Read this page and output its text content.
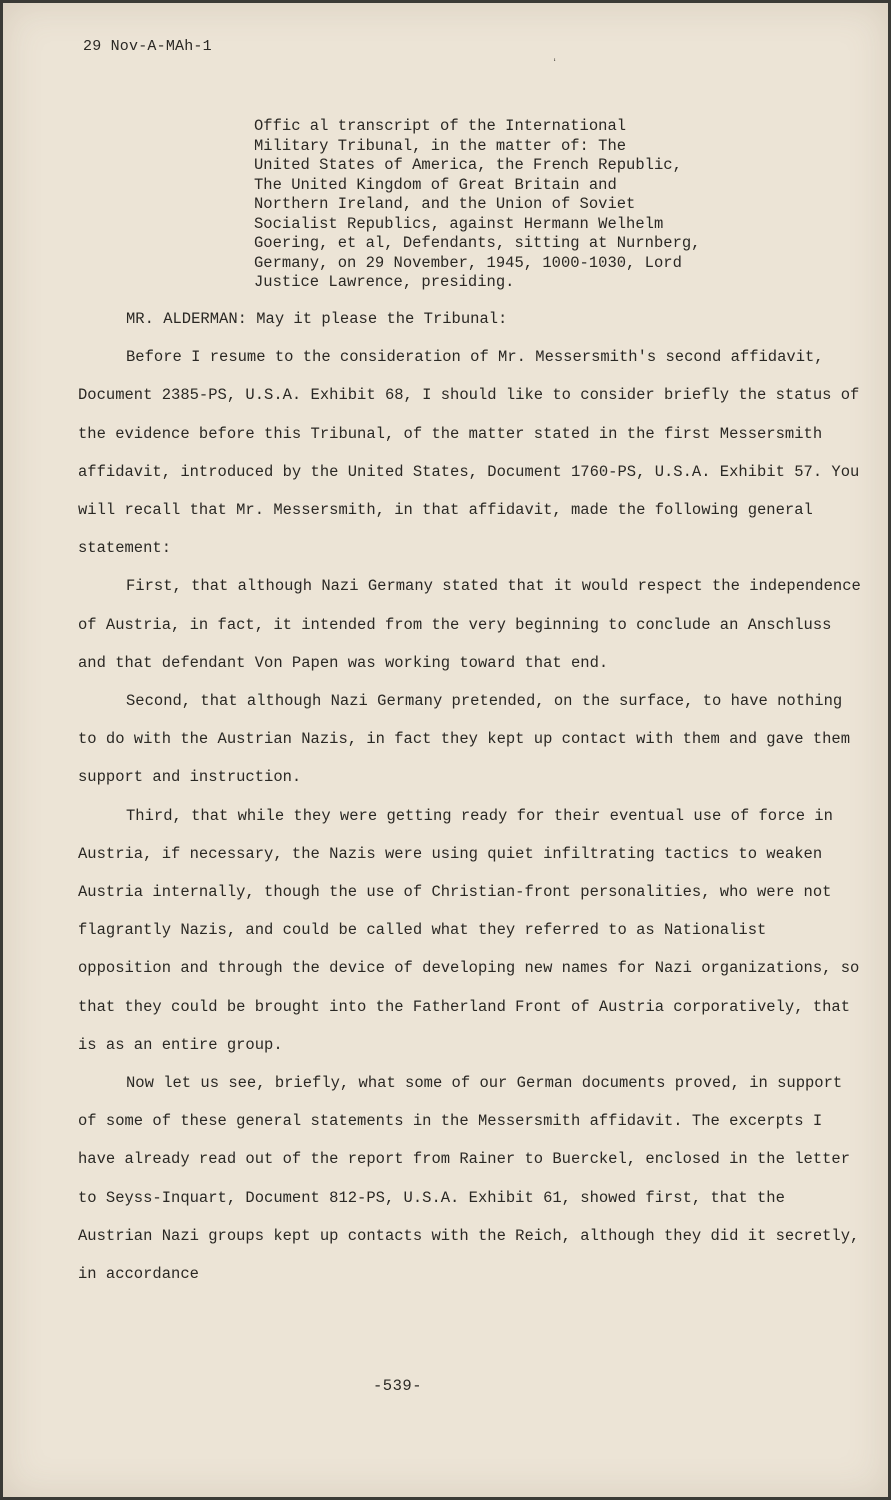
ʻ

29 Nov-A-MAh-1

Offic al transcript of the International
Military Tribunal, in the matter of: The
United States of America, the French Republic,
The United Kingdom of Great Britain and
Northern Ireland, and the Union of Soviet
Socialist Republics, against Hermann Welhelm
Goering, et al, Defendants, sitting at Nurnberg,
Germany, on 29 November, 1945, 1000-1030, Lord
Justice Lawrence, presiding.

MR. ALDERMAN: May it please the Tribunal:

Before I resume to the consideration of Mr. Messersmith's second affidavit, Document 2385-PS, U.S.A. Exhibit 68, I should like to consider briefly the status of the evidence before this Tribunal, of the matter stated in the first Messersmith affidavit, introduced by the United States, Document 1760-PS, U.S.A. Exhibit 57. You will recall that Mr. Messersmith, in that affidavit, made the following general statement:

First, that although Nazi Germany stated that it would respect the independence of Austria, in fact, it intended from the very beginning to conclude an Anschluss and that defendant Von Papen was working toward that end.

Second, that although Nazi Germany pretended, on the surface, to have nothing to do with the Austrian Nazis, in fact they kept up contact with them and gave them support and instruction.

Third, that while they were getting ready for their eventual use of force in Austria, if necessary, the Nazis were using quiet infiltrating tactics to weaken Austria internally, though the use of Christian-front personalities, who were not flagrantly Nazis, and could be called what they referred to as Nationalist opposition and through the device of developing new names for Nazi organizations, so that they could be brought into the Fatherland Front of Austria corporatively, that is as an entire group.

Now let us see, briefly, what some of our German documents proved, in support of some of these general statements in the Messersmith affidavit. The excerpts I have already read out of the report from Rainer to Buerckel, enclosed in the letter to Seyss-Inquart, Document 812-PS, U.S.A. Exhibit 61, showed first, that the Austrian Nazi groups kept up contacts with the Reich, although they did it secretly, in accordance

-539-
